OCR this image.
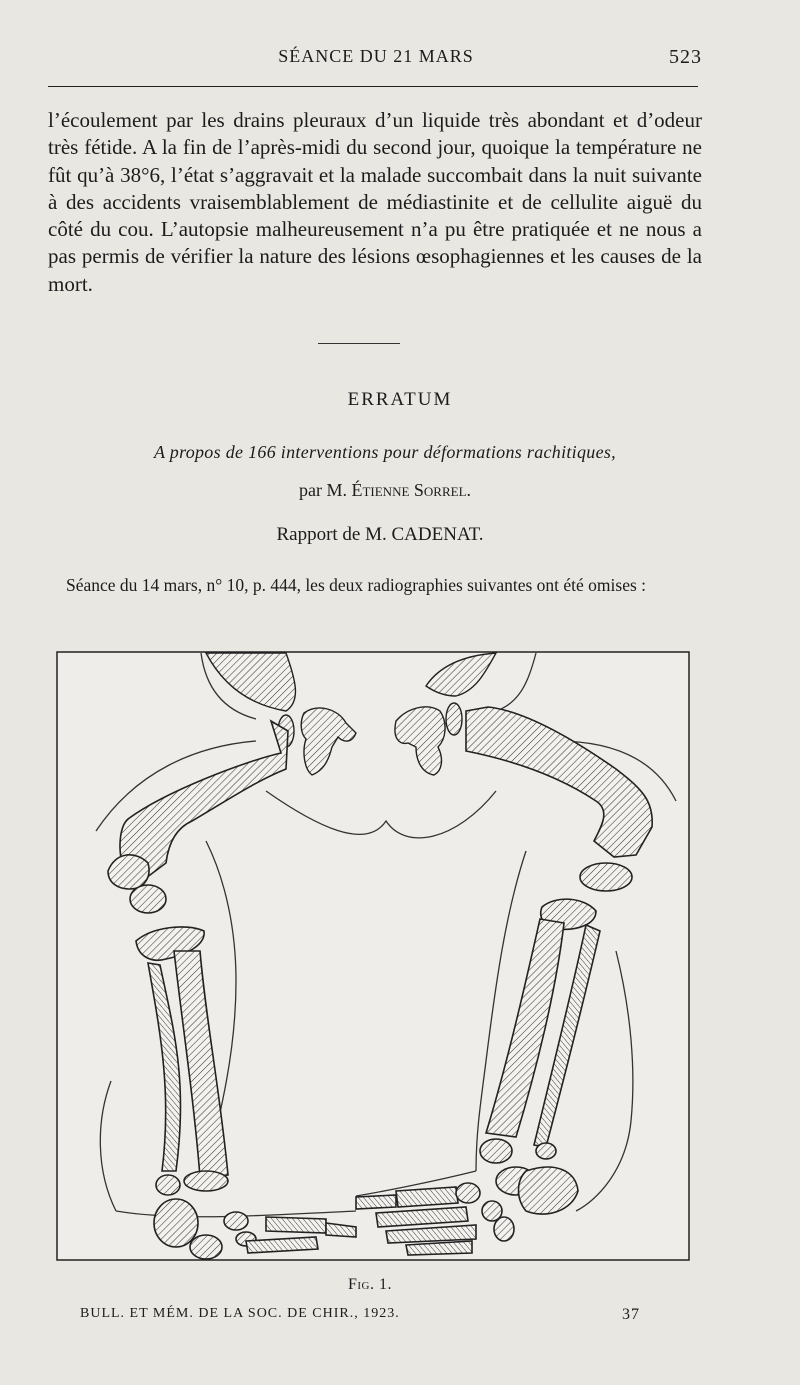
SÉANCE DU 21 MARS	523

l’écoulement par les drains pleuraux d’un liquide très abondant et d’odeur très fétide. A la fin de l’après-midi du second jour, quoique la température ne fût qu’à 38°6, l’état s’aggravait et la malade succombait dans la nuit suivante à des accidents vraisemblablement de médiastinite et de cellulite aiguë du côté du cou. L’autopsie malheureusement n’a pu être pratiquée et ne nous a pas permis de vérifier la nature des lésions œsophagiennes et les causes de la mort.

ERRATUM
A propos de 166 interventions pour déformations rachitiques,
par M. Étienne Sorrel.
Rapport de M. CADENAT.

Séance du 14 mars, n° 10, p. 444, les deux radiographies suivantes ont été omises :

Fig. 1.
BULL. ET MÉM. DE LA SOC. DE CHIR., 1923.	37
